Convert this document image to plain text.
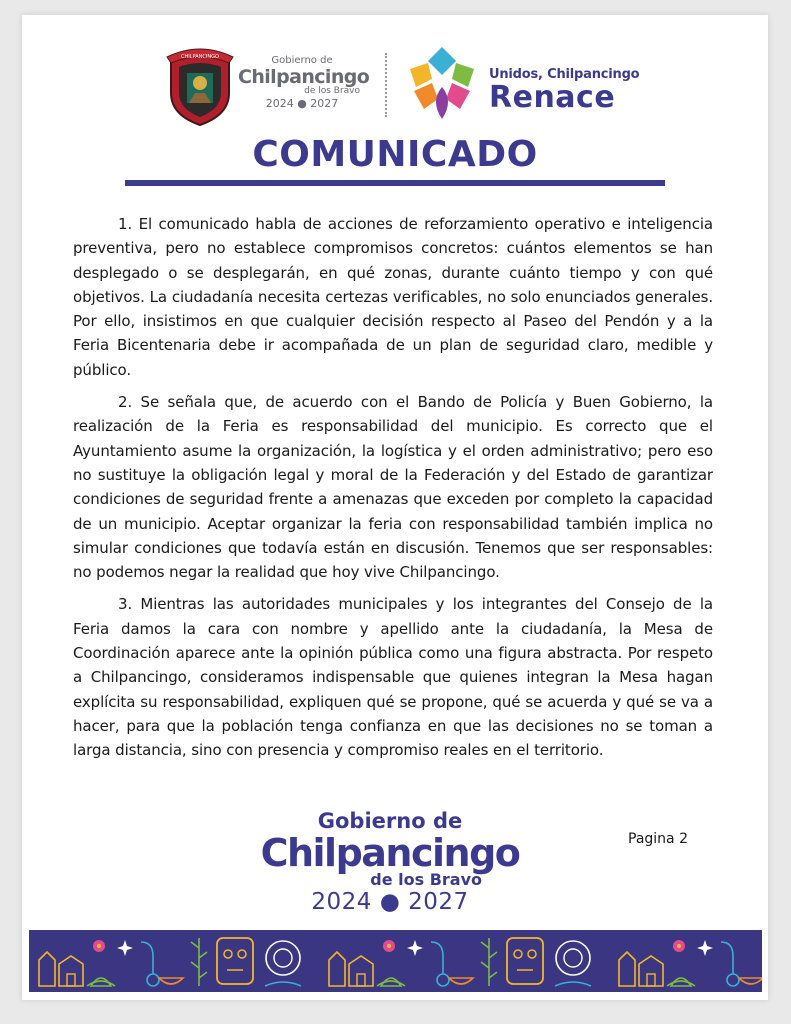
CHILPANCINGO	Gobierno de
Chilpancingo
de los Bravo
2024 ● 2027
Unidos, Chilpancingo
Renace
COMUNICADO

1. El comunicado habla de acciones de reforzamiento operativo e inteligencia preventiva, pero no establece compromisos concretos: cuántos elementos se han desplegado o se desplegarán, en qué zonas, durante cuánto tiempo y con qué objetivos. La ciudadanía necesita certezas verificables, no solo enunciados generales. Por ello, insistimos en que cualquier decisión respecto al Paseo del Pendón y a la Feria Bicentenaria debe ir acompañada de un plan de seguridad claro, medible y público.

2. Se señala que, de acuerdo con el Bando de Policía y Buen Gobierno, la realización de la Feria es responsabilidad del municipio. Es correcto que el Ayuntamiento asume la organización, la logística y el orden administrativo; pero eso no sustituye la obligación legal y moral de la Federación y del Estado de garantizar condiciones de seguridad frente a amenazas que exceden por completo la capacidad de un municipio. Aceptar organizar la feria con responsabilidad también implica no simular condiciones que todavía están en discusión. Tenemos que ser responsables: no podemos negar la realidad que hoy vive Chilpancingo.

3. Mientras las autoridades municipales y los integrantes del Consejo de la Feria damos la cara con nombre y apellido ante la ciudadanía, la Mesa de Coordinación aparece ante la opinión pública como una figura abstracta. Por respeto a Chilpancingo, consideramos indispensable que quienes integran la Mesa hagan explícita su responsabilidad, expliquen qué se propone, qué se acuerda y qué se va a hacer, para que la población tenga confianza en que las decisiones no se toman a larga distancia, sino con presencia y compromiso reales en el territorio.

Gobierno de
Chilpancingo
de los Bravo
2024 ● 2027
Pagina 2
